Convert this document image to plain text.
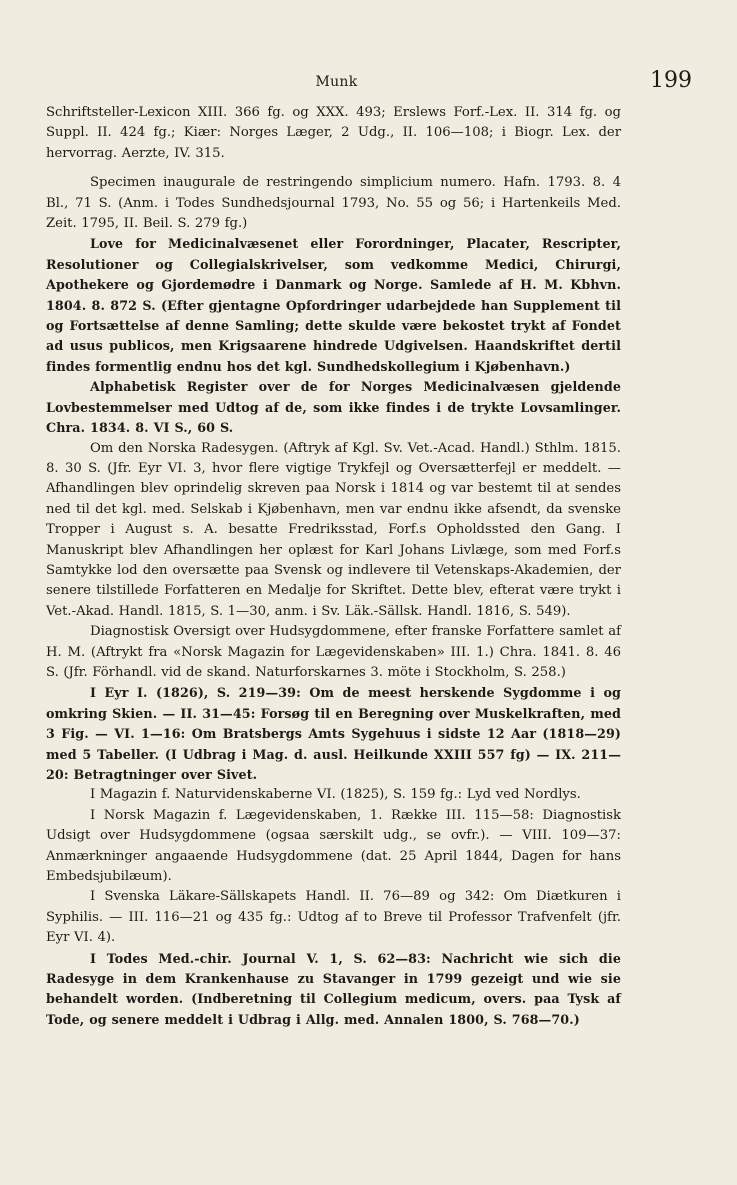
Munk	199

Schriftsteller-Lexicon XIII. 366 fg. og XXX. 493; Erslews Forf.-Lex. II. 314 fg. og Suppl. II. 424 fg.; Kiær: Norges Læger, 2 Udg., II. 106—108; i Biogr. Lex. der hervorrag. Aerzte, IV. 315.

Specimen inaugurale de restringendo simplicium numero. Hafn. 1793. 8. 4 Bl., 71 S. (Anm. i Todes Sundhedsjournal 1793, No. 55 og 56; i Hartenkeils Med. Zeit. 1795, II. Beil. S. 279 fg.)

Love for Medicinalvæsenet eller Forordninger, Placater, Rescripter, Resolutioner og Collegialskrivelser, som vedkomme Medici, Chirurgi, Apothekere og Gjordemødre i Danmark og Norge. Samlede af H. M. Kbhvn. 1804. 8. 872 S. (Efter gjentagne Opfordringer udarbejdede han Supplement til og Fortsættelse af denne Samling; dette skulde være bekostet trykt af Fondet ad usus publicos, men Krigsaarene hindrede Udgivelsen. Haandskriftet dertil findes formentlig endnu hos det kgl. Sundhedskollegium i Kjøbenhavn.)

Alphabetisk Register over de for Norges Medicinalvæsen gjeldende Lovbestemmelser med Udtog af de, som ikke findes i de trykte Lovsamlinger. Chra. 1834. 8. VI S., 60 S.

Om den Norska Radesygen. (Aftryk af Kgl. Sv. Vet.-Acad. Handl.) Sthlm. 1815. 8. 30 S. (Jfr. Eyr VI. 3, hvor flere vigtige Trykfejl og Oversætterfejl er meddelt. — Afhandlingen blev oprindelig skreven paa Norsk i 1814 og var bestemt til at sendes ned til det kgl. med. Selskab i Kjøbenhavn, men var endnu ikke afsendt, da svenske Tropper i August s. A. besatte Fredriksstad, Forf.s Opholdssted den Gang. I Manuskript blev Afhandlingen her oplæst for Karl Johans Livlæge, som med Forf.s Samtykke lod den oversætte paa Svensk og indlevere til Vetenskaps-Akademien, der senere tilstillede Forfatteren en Medalje for Skriftet. Dette blev, efterat være trykt i Vet.-Akad. Handl. 1815, S. 1—30, anm. i Sv. Läk.-Sällsk. Handl. 1816, S. 549).

Diagnostisk Oversigt over Hudsygdommene, efter franske Forfattere samlet af H. M. (Aftrykt fra «Norsk Magazin for Lægevidenskaben» III. 1.) Chra. 1841. 8. 46 S. (Jfr. Förhandl. vid de skand. Naturforskarnes 3. möte i Stockholm, S. 258.)

I Eyr I. (1826), S. 219—39: Om de meest herskende Sygdomme i og omkring Skien. — II. 31—45: Forsøg til en Beregning over Muskelkraften, med 3 Fig. — VI. 1—16: Om Bratsbergs Amts Sygehuus i sidste 12 Aar (1818—29) med 5 Tabeller. (I Udbrag i Mag. d. ausl. Heilkunde XXIII 557 fg) — IX. 211—20: Betragtninger over Sivet.

I Magazin f. Naturvidenskaberne VI. (1825), S. 159 fg.: Lyd ved Nordlys.

I Norsk Magazin f. Lægevidenskaben, 1. Række III. 115—58: Diagnostisk Udsigt over Hudsygdommene (ogsaa særskilt udg., se ovfr.). — VIII. 109—37: Anmærkninger angaaende Hudsygdommene (dat. 25 April 1844, Dagen for hans Embedsjubilæum).

I Svenska Läkare-Sällskapets Handl. II. 76—89 og 342: Om Diætkuren i Syphilis. — III. 116—21 og 435 fg.: Udtog af to Breve til Professor Trafvenfelt (jfr. Eyr VI. 4).

I Todes Med.-chir. Journal V. 1, S. 62—83: Nachricht wie sich die Radesyge in dem Krankenhause zu Stavanger in 1799 gezeigt und wie sie behandelt worden. (Indberetning til Collegium medicum, overs. paa Tysk af Tode, og senere meddelt i Udbrag i Allg. med. Annalen 1800, S. 768—70.)
